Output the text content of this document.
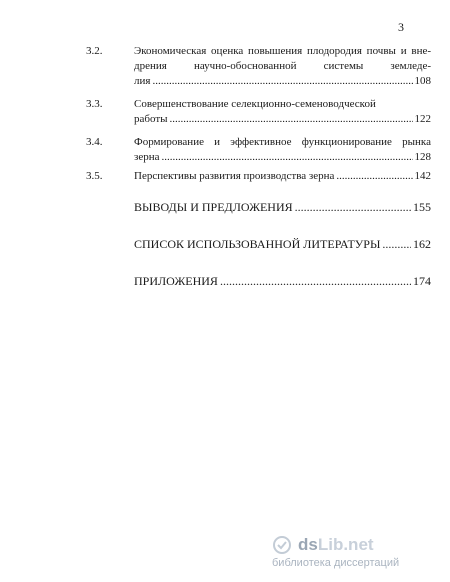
3
3.2.	Экономическая оценка повышения плодородия почвы и вне-
дрения научно-обоснованной системы земледе-
лия .....	108
3.3.	Совершенствование селекционно-семеноводческой
работы .....	122
3.4.	Формирование и эффективное функционирование рынка
зерна .....	128
3.5.	Перспективы развития производства зерна .....	142
ВЫВОДЫ И ПРЕДЛОЖЕНИЯ .....	155
СПИСОК ИСПОЛЬЗОВАННОЙ ЛИТЕРАТУРЫ .....	162
ПРИЛОЖЕНИЯ .....	174
ds Lib.net
библиотека диссертаций
